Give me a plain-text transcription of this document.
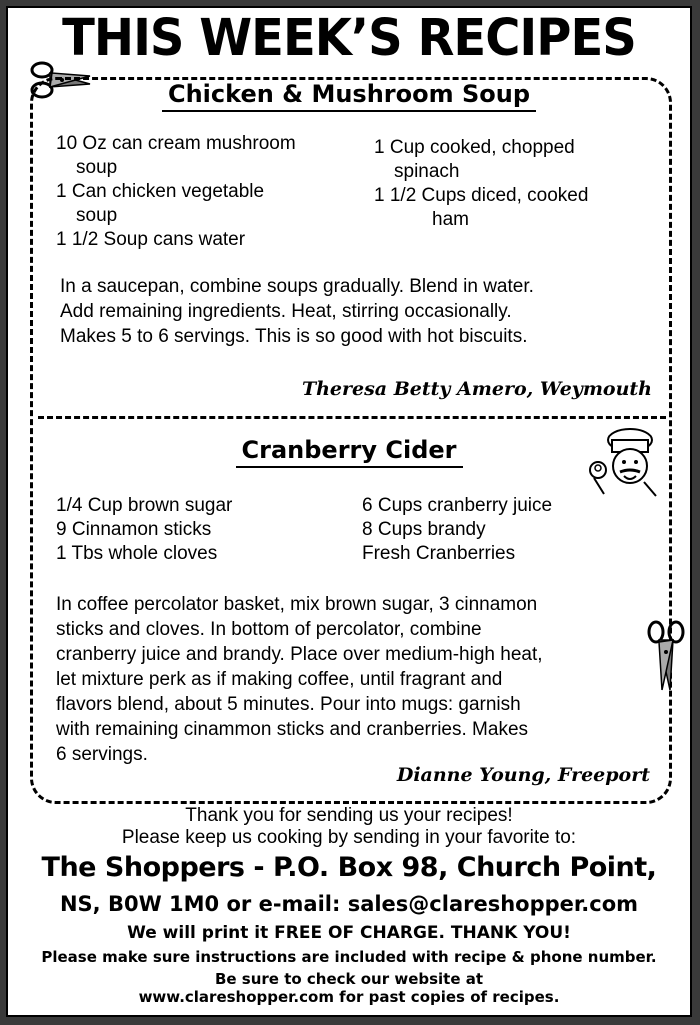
THIS WEEK’S RECIPES
Chicken & Mushroom Soup
10 Oz can cream mushroom
soup
1 Can chicken vegetable
soup
1 1/2 Soup cans water
1 Cup cooked, chopped
spinach
1 1/2 Cups diced, cooked
ham
In a saucepan, combine soups gradually. Blend in water.
Add remaining ingredients. Heat, stirring occasionally.
Makes 5 to 6 servings. This is so good with hot biscuits.
Theresa Betty Amero, Weymouth
Cranberry Cider
1/4 Cup brown sugar
9 Cinnamon sticks
1 Tbs whole cloves
6 Cups cranberry juice
8 Cups brandy
Fresh Cranberries
In coffee percolator basket, mix brown sugar, 3 cinnamon
sticks and cloves. In bottom of percolator, combine
cranberry juice and brandy. Place over medium-high heat,
let mixture perk as if making coffee, until fragrant and
flavors blend, about 5 minutes. Pour into mugs: garnish
with remaining cinammon sticks and cranberries. Makes
6 servings.
Dianne Young, Freeport
Thank you for sending us your recipes!
Please keep us cooking by sending in your favorite to:
The Shoppers - P.O. Box 98, Church Point,
NS, B0W 1M0 or e-mail: sales@clareshopper.com
We will print it FREE OF CHARGE. THANK YOU!
Please make sure instructions are included with recipe & phone number.
Be sure to check our website at
www.clareshopper.com for past copies of recipes.
